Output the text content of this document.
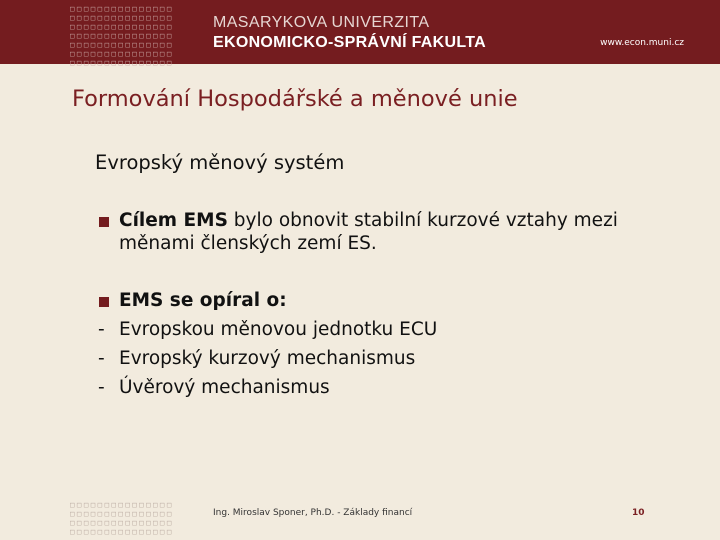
□□□□□□□□□□□□□□□
□□□□□□□□□□□□□□□
□□□□□□□□□□□□□□□
□□□□□□□□□□□□□□□
□□□□□□□□□□□□□□□
□□□□□□□□□□□□□□□
□□□□□□□□□□□□□□□
MASARYKOVA UNIVERZITA
EKONOMICKO-SPRÁVNÍ FAKULTA	www.econ.muni.cz
Formování Hospodářské a měnové unie
Evropský měnový systém
Cílem EMS bylo obnovit stabilní kurzové vztahy mezi
měnami členských zemí ES.
EMS se opíral o:
- Evropskou měnovou jednotku ECU
- Evropský kurzový mechanismus
- Úvěrový mechanismus
□□□□□□□□□□□□□□□
□□□□□□□□□□□□□□□
□□□□□□□□□□□□□□□
□□□□□□□□□□□□□□□
Ing. Miroslav Sponer, Ph.D. - Základy financí	10
